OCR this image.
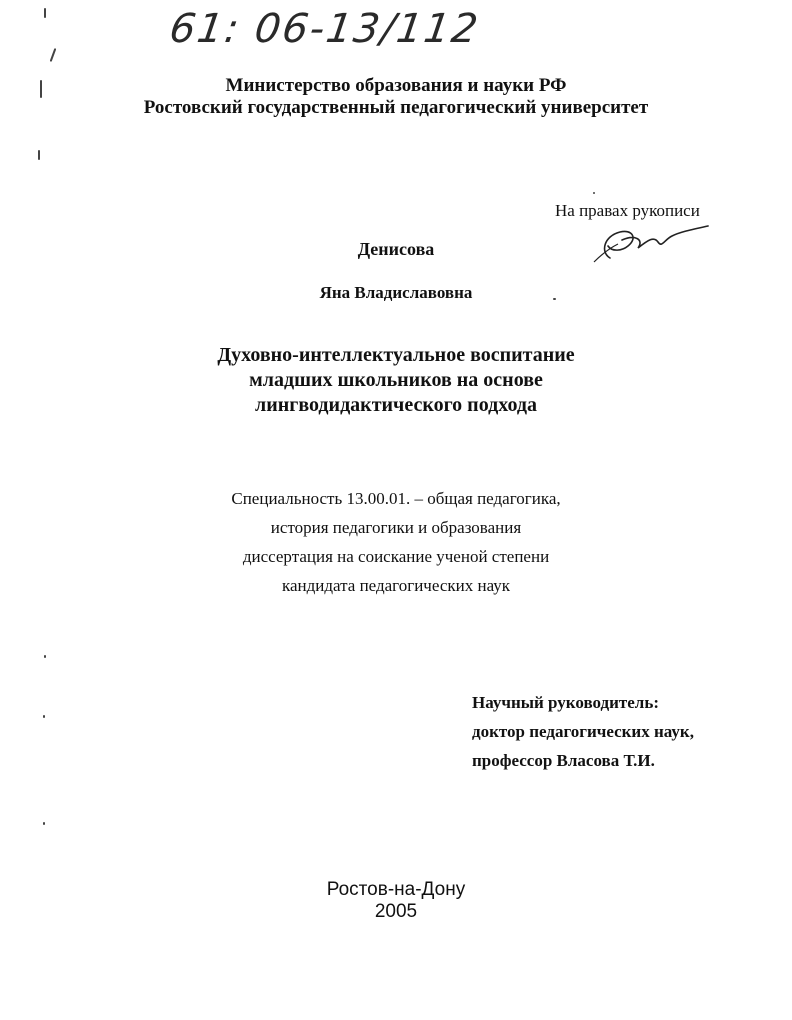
61: 06-13/112
Министерство образования и науки РФ
Ростовский государственный педагогический университет
На правах рукописи
Денисова
Яна Владиславовна
Духовно-интеллектуальное воспитание
младших школьников на основе
лингводидактического подхода
Специальность 13.00.01. – общая педагогика,
история педагогики и образования
диссертация на соискание ученой степени
кандидата педагогических наук
Научный руководитель:
доктор педагогических наук,
профессор Власова Т.И.
Ростов-на-Дону
2005
